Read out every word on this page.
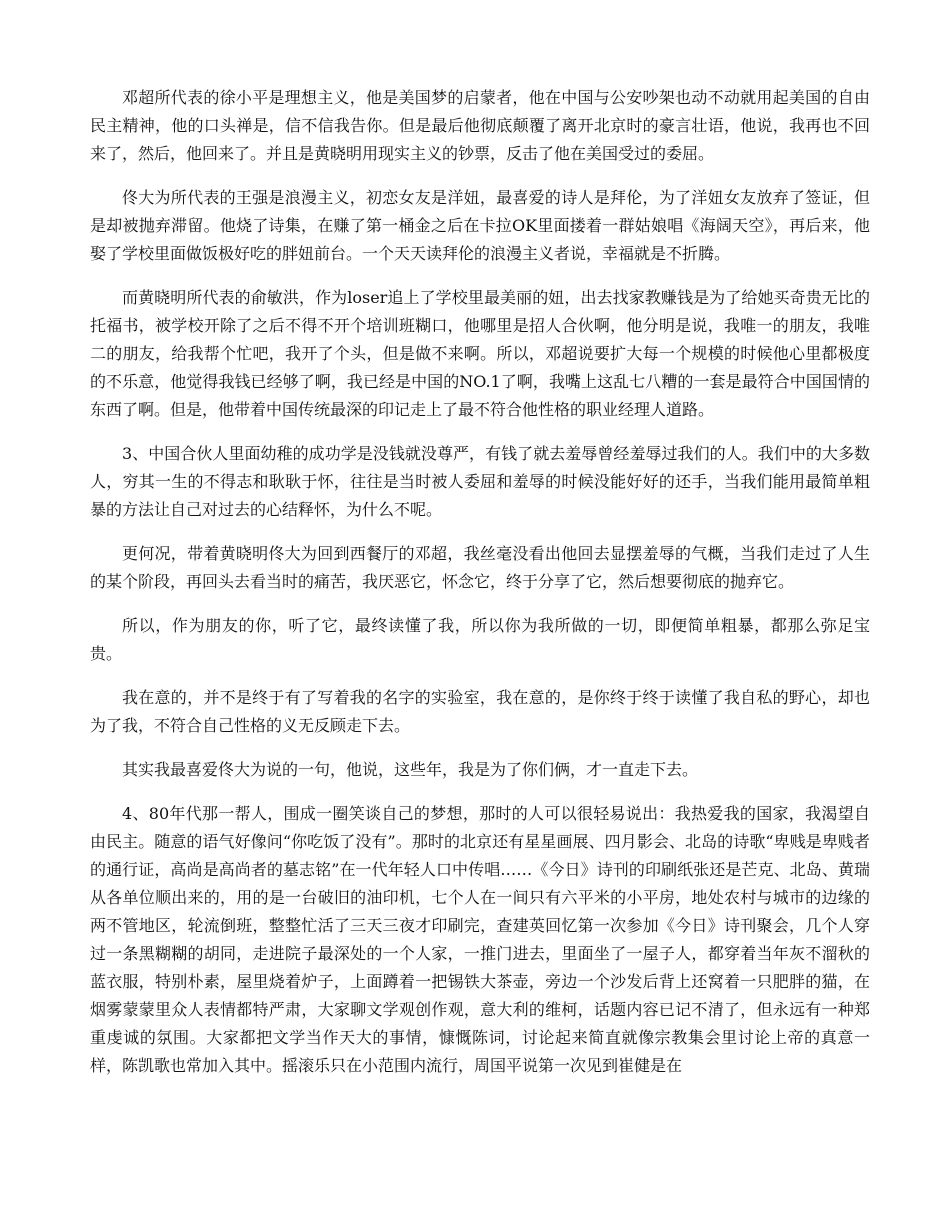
邓超所代表的徐小平是理想主义，他是美国梦的启蒙者，他在中国与公安吵架也动不动就用起美国的自由民主精神，他的口头禅是，信不信我告你。但是最后他彻底颠覆了离开北京时的豪言壮语，他说，我再也不回来了，然后，他回来了。并且是黄晓明用现实主义的钞票，反击了他在美国受过的委屈。

佟大为所代表的王强是浪漫主义，初恋女友是洋妞，最喜爱的诗人是拜伦，为了洋妞女友放弃了签证，但是却被抛弃滞留。他烧了诗集，在赚了第一桶金之后在卡拉OK里面搂着一群姑娘唱《海阔天空》，再后来，他娶了学校里面做饭极好吃的胖妞前台。一个天天读拜伦的浪漫主义者说，幸福就是不折腾。

而黄晓明所代表的俞敏洪，作为loser追上了学校里最美丽的妞，出去找家教赚钱是为了给她买奇贵无比的托福书，被学校开除了之后不得不开个培训班糊口，他哪里是招人合伙啊，他分明是说，我唯一的朋友，我唯二的朋友，给我帮个忙吧，我开了个头，但是做不来啊。所以，邓超说要扩大每一个规模的时候他心里都极度的不乐意，他觉得我钱已经够了啊，我已经是中国的NO.1了啊，我嘴上这乱七八糟的一套是最符合中国国情的东西了啊。但是，他带着中国传统最深的印记走上了最不符合他性格的职业经理人道路。

3、中国合伙人里面幼稚的成功学是没钱就没尊严，有钱了就去羞辱曾经羞辱过我们的人。我们中的大多数人，穷其一生的不得志和耿耿于怀，往往是当时被人委屈和羞辱的时候没能好好的还手，当我们能用最简单粗暴的方法让自己对过去的心结释怀，为什么不呢。

更何况，带着黄晓明佟大为回到西餐厅的邓超，我丝毫没看出他回去显摆羞辱的气概，当我们走过了人生的某个阶段，再回头去看当时的痛苦，我厌恶它，怀念它，终于分享了它，然后想要彻底的抛弃它。

所以，作为朋友的你，听了它，最终读懂了我，所以你为我所做的一切，即便简单粗暴，都那么弥足宝贵。

我在意的，并不是终于有了写着我的名字的实验室，我在意的，是你终于终于读懂了我自私的野心，却也为了我，不符合自己性格的义无反顾走下去。

其实我最喜爱佟大为说的一句，他说，这些年，我是为了你们俩，才一直走下去。

4、80年代那一帮人，围成一圈笑谈自己的梦想，那时的人可以很轻易说出：我热爱我的国家，我渴望自由民主。随意的语气好像问“你吃饭了没有”。那时的北京还有星星画展、四月影会、北岛的诗歌“卑贱是卑贱者的通行证，高尚是高尚者的墓志铭”在一代年轻人口中传唱……《今日》诗刊的印刷纸张还是芒克、北岛、黄瑞从各单位顺出来的，用的是一台破旧的油印机，七个人在一间只有六平米的小平房，地处农村与城市的边缘的两不管地区，轮流倒班，整整忙活了三天三夜才印刷完，查建英回忆第一次参加《今日》诗刊聚会，几个人穿过一条黑糊糊的胡同，走进院子最深处的一个人家，一推门进去，里面坐了一屋子人，都穿着当年灰不溜秋的蓝衣服，特别朴素，屋里烧着炉子，上面蹲着一把锡铁大茶壶，旁边一个沙发后背上还窝着一只肥胖的猫，在烟雾蒙蒙里众人表情都特严肃，大家聊文学观创作观，意大利的维柯，话题内容已记不清了，但永远有一种郑重虔诚的氛围。大家都把文学当作天大的事情，慷慨陈词，讨论起来简直就像宗教集会里讨论上帝的真意一样，陈凯歌也常加入其中。摇滚乐只在小范围内流行，周国平说第一次见到崔健是在
